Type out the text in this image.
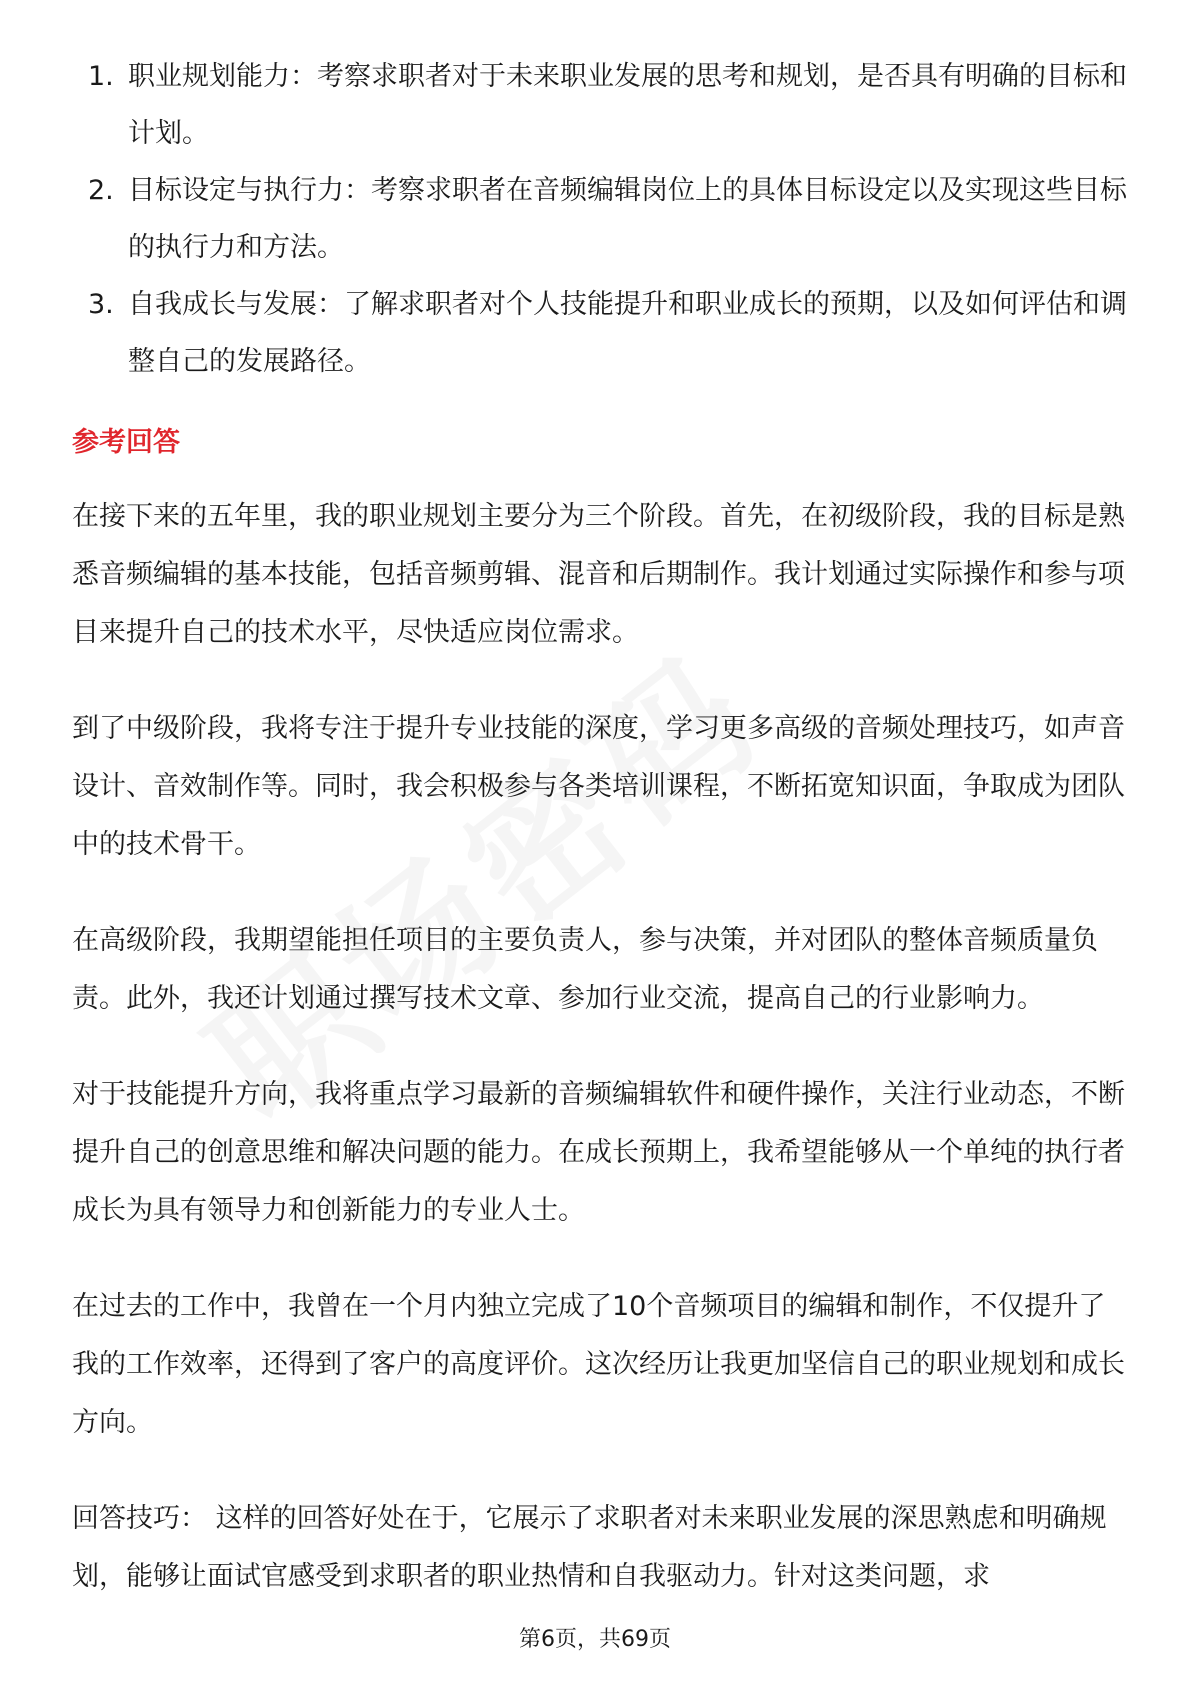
1. 职业规划能力：考察求职者对于未来职业发展的思考和规划，是否具有明确的目标和计划。
2. 目标设定与执行力：考察求职者在音频编辑岗位上的具体目标设定以及实现这些目标的执行力和方法。
3. 自我成长与发展：了解求职者对个人技能提升和职业成长的预期，以及如何评估和调整自己的发展路径。
参考回答

在接下来的五年里，我的职业规划主要分为三个阶段。首先，在初级阶段，我的目标是熟悉音频编辑的基本技能，包括音频剪辑、混音和后期制作。我计划通过实际操作和参与项目来提升自己的技术水平，尽快适应岗位需求。

到了中级阶段，我将专注于提升专业技能的深度，学习更多高级的音频处理技巧，如声音设计、音效制作等。同时，我会积极参与各类培训课程，不断拓宽知识面，争取成为团队中的技术骨干。

在高级阶段，我期望能担任项目的主要负责人，参与决策，并对团队的整体音频质量负责。此外，我还计划通过撰写技术文章、参加行业交流，提高自己的行业影响力。

对于技能提升方向，我将重点学习最新的音频编辑软件和硬件操作，关注行业动态，不断提升自己的创意思维和解决问题的能力。在成长预期上，我希望能够从一个单纯的执行者成长为具有领导力和创新能力的专业人士。

在过去的工作中，我曾在一个月内独立完成了10个音频项目的编辑和制作，不仅提升了我的工作效率，还得到了客户的高度评价。这次经历让我更加坚信自己的职业规划和成长方向。

回答技巧： 这样的回答好处在于，它展示了求职者对未来职业发展的深思熟虑和明确规划，能够让面试官感受到求职者的职业热情和自我驱动力。针对这类问题，求

第6页，共69页
